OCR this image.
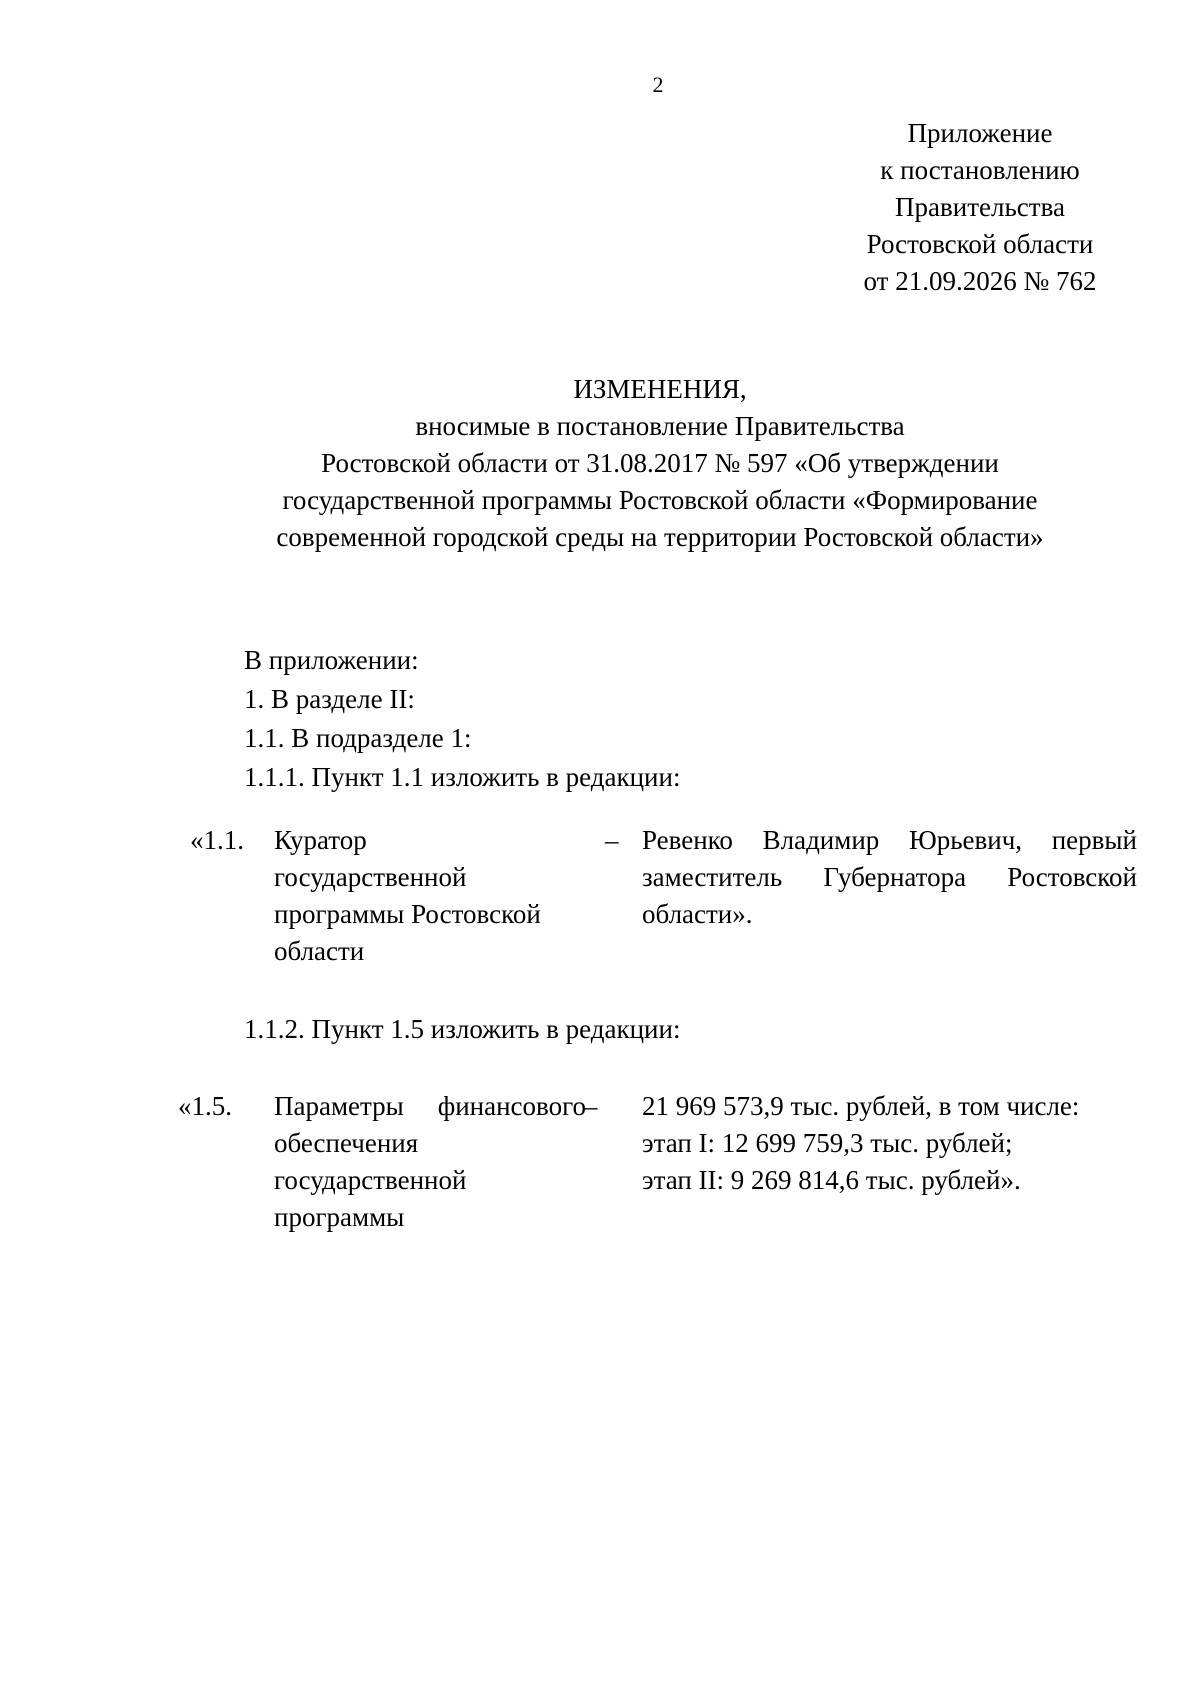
2
Приложение
к постановлению
Правительства
Ростовской области
от 21.09.2026 № 762
ИЗМЕНЕНИЯ,
вносимые в постановление Правительства
Ростовской области от 31.08.2017 № 597 «Об утверждении
государственной программы Ростовской области «Формирование
современной городской среды на территории Ростовской области»
В приложении:
1. В разделе II:
1.1. В подразделе 1:
1.1.1. Пункт 1.1 изложить в редакции:
«1.1. Куратор
государственной
программы Ростовской
области
– Ревенко Владимир Юрьевич, первый
заместитель Губернатора Ростовской
области».
1.1.2. Пункт 1.5 изложить в редакции:
«1.5. Параметры финансового
обеспечения
государственной
программы
– 21 969 573,9 тыс. рублей, в том числе:
этап I: 12 699 759,3 тыс. рублей;
этап II: 9 269 814,6 тыс. рублей».
